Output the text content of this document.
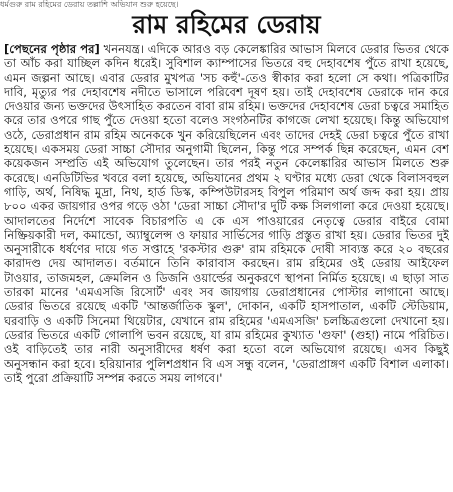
ধর্মগুরু রাম রহিমের ডেরায় তল্লাশি অভিযান শুরু হয়েছে।
রাম রহিমের ডেরায়

[পেছনের পৃষ্ঠার পর] খননযন্ত্র। এদিকে আরও বড় কেলেঙ্কারির আভাস মিলবে ডেরার ভিতর থেকে তা আঁচ করা যাচ্ছিল কদিন ধরেই। সুবিশাল ক্যাম্পাসের ভিতরে বহু দেহাবশেষ পুঁতে রাখা হয়েছে, এমন জল্পনা আছে। এবার ডেরার মুখপত্র 'সচ কহুঁ'-তেও স্বীকার করা হলো সে কথা। পত্রিকাটির দাবি, মৃত্যুর পর দেহাবশেষ নদীতে ভাসালে পরিবেশ দূষণ হয়। তাই দেহাবশেষ ডেরাকে দান করে দেওয়ার জন্য ভক্তদের উৎসাহিত করতেন বাবা রাম রহিম। ভক্তদের দেহাবশেষ ডেরা চত্বরে সমাহিত করে তার ওপরে গাছ পুঁতে দেওয়া হতো বলেও সংগঠনটির কাগজে লেখা হয়েছে। কিন্তু অভিযোগ ওঠে, ডেরাপ্রধান রাম রহিম অনেককে খুন করিয়েছিলেন এবং তাদের দেহই ডেরা চত্বরে পুঁতে রাখা হয়েছে। একসময় ডেরা সাচ্চা সৌদার অনুগামী ছিলেন, কিন্তু পরে সম্পর্ক ছিন্ন করেছেন, এমন বেশ কয়েকজন সম্প্রতি এই অভিযোগ তুলেছেন। তার পরই নতুন কেলেঙ্কারির আভাস মিলতে শুরু করেছে। এনডিটিভির খবরে বলা হয়েছে, অভিযানের প্রথম ২ ঘণ্টার মধ্যে ডেরা থেকে বিলাসবহুল গাড়ি, অর্থ, নিষিদ্ধ মুদ্রা, নিথ, হার্ড ডিস্ক, কম্পিউটারসহ বিপুল পরিমাণ অর্থ জব্দ করা হয়। প্রায় ৮০০ একর জায়গার ওপর গড়ে ওঠা 'ডেরা সাচ্চা সৌদা'র দুটি কক্ষ সিলগালা করে দেওয়া হয়েছে। আদালতের নির্দেশে সাবেক বিচারপতি এ কে এস পাওয়ারের নেতৃত্বে ডেরার বাইরে বোমা নিষ্ক্রিয়কারী দল, কমান্ডো, অ্যাম্বুলেন্স ও ফায়ার সার্ভিসের গাড়ি প্রস্তুত রাখা হয়। ডেরার ভিতর দুই অনুসারীকে ধর্ষণের দায়ে গত সপ্তাহে 'রকস্টার গুরু' রাম রহিমকে দোষী সাব্যস্ত করে ২০ বছরের কারাদণ্ড দেয় আদালত। বর্তমানে তিনি কারাবাস করছেন। রাম রহিমের ওই ডেরায় আইফেল টাওয়ার, তাজমহল, ক্রেমলিন ও ডিজনি ওয়ার্ল্ডের অনুকরণে স্থাপনা নির্মিত হয়েছে। এ ছাড়া সাত তারকা মানের 'এমএসজি রিসোর্ট' এবং সব জায়গায় ডেরাপ্রধানের পোস্টার লাগানো আছে। ডেরার ভিতরে রয়েছে একটি 'আন্তর্জাতিক স্কুল', দোকান, একটি হাসপাতাল, একটি স্টেডিয়াম, ঘরবাড়ি ও একটি সিনেমা থিয়েটার, যেখানে রাম রহিমের 'এমএসজি' চলচ্চিত্রগুলো দেখানো হয়। ডেরার ভিতরে একটি গোলাপি ভবন রয়েছে, যা রাম রহিমের কুখ্যাত 'গুফা' (গুহা) নামে পরিচিত। ওই বাড়িতেই তার নারী অনুসারীদের ধর্ষণ করা হতো বলে অভিযোগ রয়েছে। এসব কিছুই অনুসন্ধান করা হবে। হরিয়ানার পুলিশপ্রধান বি এস সন্ধু বলেন, 'ডেরাপ্রাঙ্গণ একটি বিশাল এলাকা। তাই পুরো প্রক্রিয়াটি সম্পন্ন করতে সময় লাগবে।'
